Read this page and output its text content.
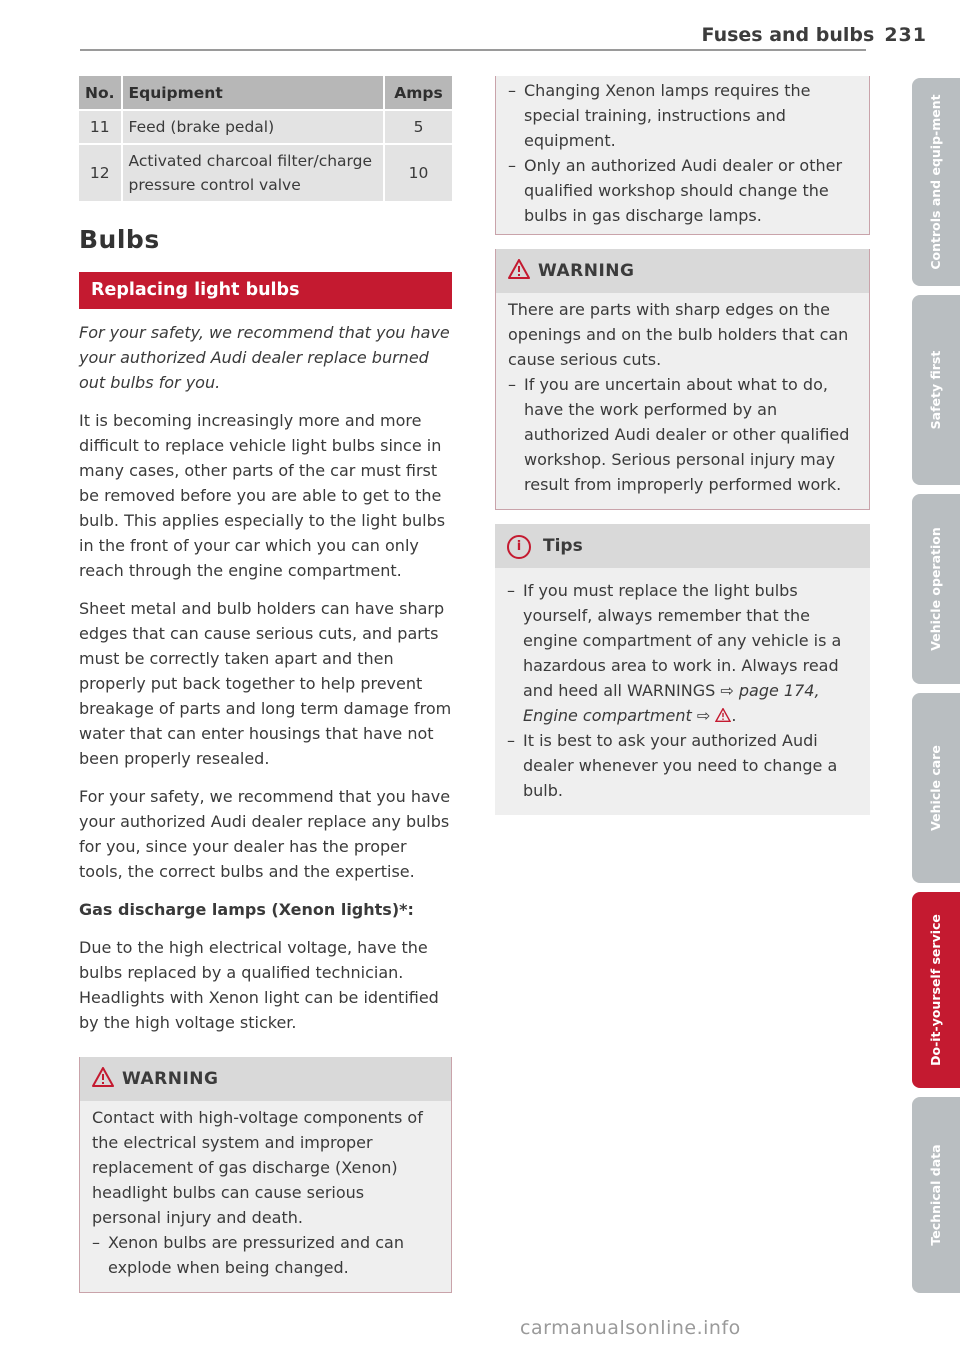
Fuses and bulbs 231
No.	Equipment	Amps
11	Feed (brake pedal)	5
12	Activated charcoal filter/charge pressure control valve	10
Bulbs
Replacing light bulbs

For your safety, we recommend that you have your authorized Audi dealer replace burned out bulbs for you.

It is becoming increasingly more and more difficult to replace vehicle light bulbs since in many cases, other parts of the car must first be removed before you are able to get to the bulb. This applies especially to the light bulbs in the front of your car which you can only reach through the engine compartment.

Sheet metal and bulb holders can have sharp edges that can cause serious cuts, and parts must be correctly taken apart and then properly put back together to help prevent breakage of parts and long term damage from water that can enter housings that have not been properly resealed.

For your safety, we recommend that you have your authorized Audi dealer replace any bulbs for you, since your dealer has the proper tools, the correct bulbs and the expertise.

Gas discharge lamps (Xenon lights)*:

Due to the high electrical voltage, have the bulbs replaced by a qualified technician. Headlights with Xenon light can be identified by the high voltage sticker.

WARNING

Contact with high-voltage components of the electrical system and improper replacement of gas discharge (Xenon) headlight bulbs can cause serious personal injury and death.

– Xenon bulbs are pressurized and can explode when being changed.
– Changing Xenon lamps requires the special training, instructions and equipment.
– Only an authorized Audi dealer or other qualified workshop should change the bulbs in gas discharge lamps.
WARNING

There are parts with sharp edges on the openings and on the bulb holders that can cause serious cuts.

– If you are uncertain about what to do, have the work performed by an authorized Audi dealer or other qualified workshop. Serious personal injury may result from improperly performed work.
i Tips
– If you must replace the light bulbs yourself, always remember that the engine compartment of any vehicle is a hazardous area to work in. Always read and heed all WARNINGS ⇨ page 174, Engine compartment ⇨ .
– It is best to ask your authorized Audi dealer whenever you need to change a bulb.
Controls and equip-ment
Safety first
Vehicle operation
Vehicle care
Do-it-yourself service
Technical data
carmanualsonline.info
